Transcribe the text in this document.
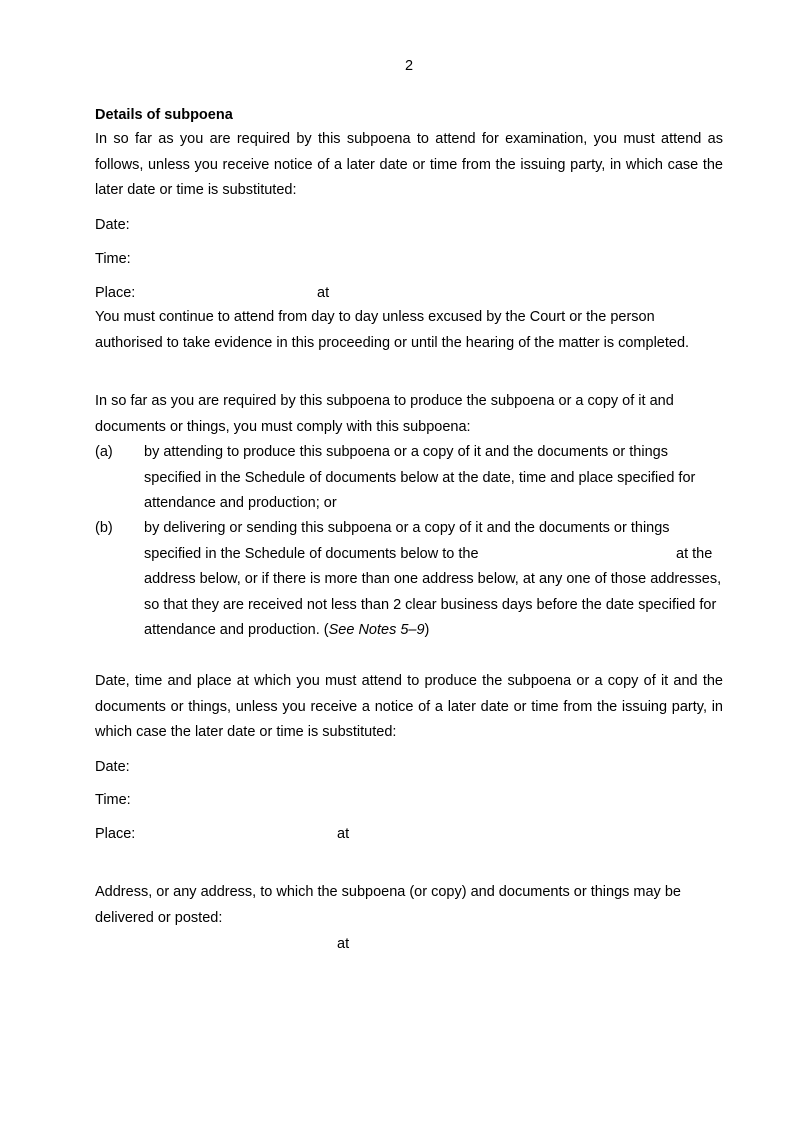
2
Details of subpoena
In so far as you are required by this subpoena to attend for examination, you must attend as follows, unless you receive notice of a later date or time from the issuing party, in which case the later date or time is substituted:
Date:
Time:
Place:	at
You must continue to attend from day to day unless excused by the Court or the person authorised to take evidence in this proceeding or until the hearing of the matter is completed.
In so far as you are required by this subpoena to produce the subpoena or a copy of it and documents or things, you must comply with this subpoena:
(a) by attending to produce this subpoena or a copy of it and the documents or things specified in the Schedule of documents below at the date, time and place specified for attendance and production; or
(b) by delivering or sending this subpoena or a copy of it and the documents or things
specified in the Schedule of documents below to the	at the
address below, or if there is more than one address below, at any one of those addresses, so that they are received not less than 2 clear business days before the date specified for attendance and production. (See Notes 5–9)
Date, time and place at which you must attend to produce the subpoena or a copy of it and the documents or things, unless you receive a notice of a later date or time from the issuing party, in which case the later date or time is substituted:
Date:
Time:
Place:	at
Address, or any address, to which the subpoena (or copy) and documents or things may be delivered or posted:
at
